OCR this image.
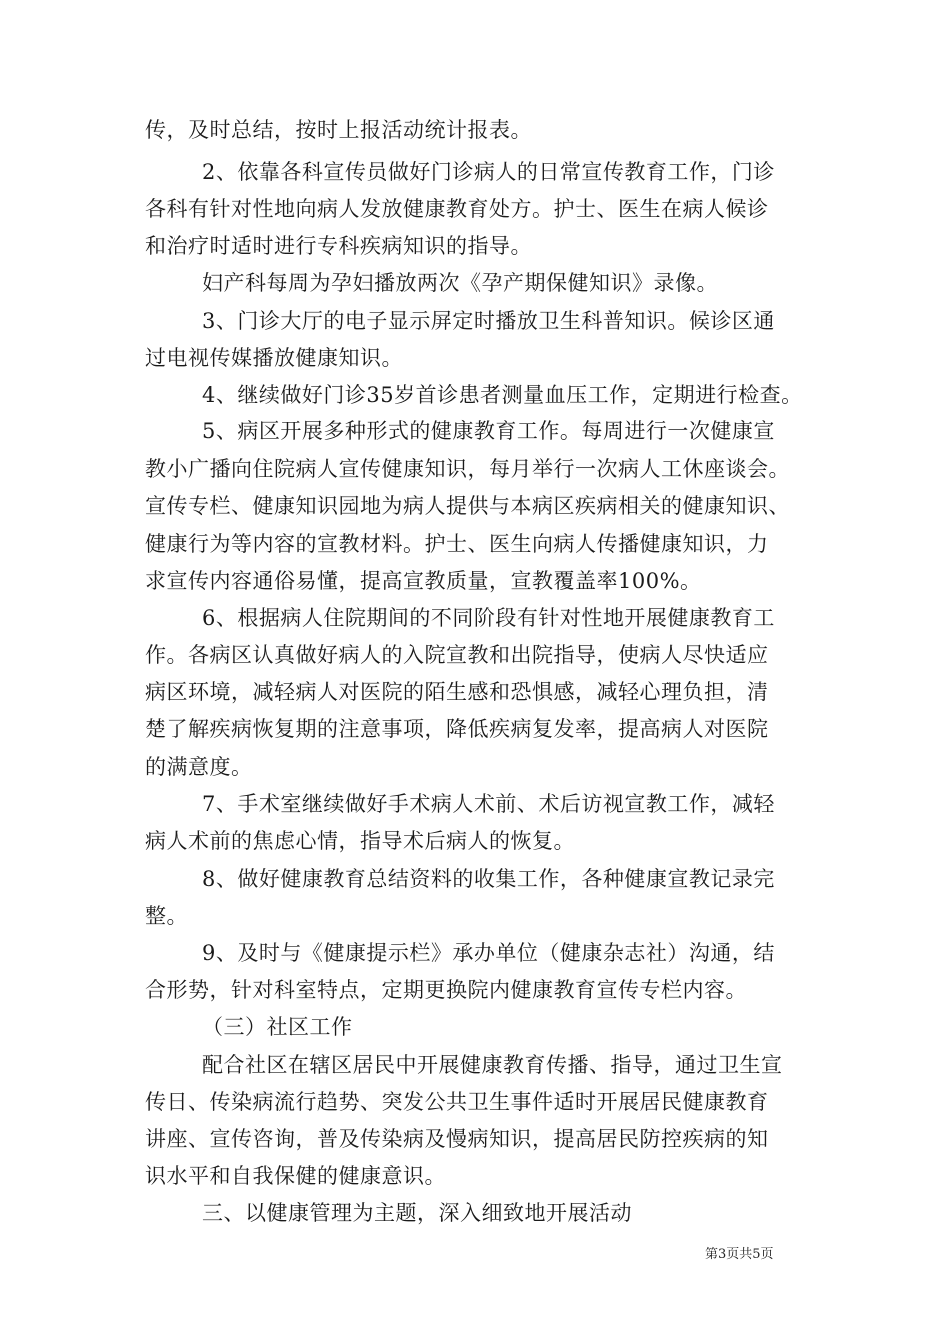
传，及时总结，按时上报活动统计报表。
2、依靠各科宣传员做好门诊病人的日常宣传教育工作，门诊
各科有针对性地向病人发放健康教育处方。护士、医生在病人候诊
和治疗时适时进行专科疾病知识的指导。
妇产科每周为孕妇播放两次《孕产期保健知识》录像。
3、门诊大厅的电子显示屏定时播放卫生科普知识。候诊区通
过电视传媒播放健康知识。
4、继续做好门诊35岁首诊患者测量血压工作，定期进行检查。
5、病区开展多种形式的健康教育工作。每周进行一次健康宣
教小广播向住院病人宣传健康知识，每月举行一次病人工休座谈会。
宣传专栏、健康知识园地为病人提供与本病区疾病相关的健康知识、
健康行为等内容的宣教材料。护士、医生向病人传播健康知识，力
求宣传内容通俗易懂，提高宣教质量，宣教覆盖率100%。
6、根据病人住院期间的不同阶段有针对性地开展健康教育工
作。各病区认真做好病人的入院宣教和出院指导，使病人尽快适应
病区环境，减轻病人对医院的陌生感和恐惧感，减轻心理负担，清
楚了解疾病恢复期的注意事项，降低疾病复发率，提高病人对医院
的满意度。
7、手术室继续做好手术病人术前、术后访视宣教工作，减轻
病人术前的焦虑心情，指导术后病人的恢复。
8、做好健康教育总结资料的收集工作，各种健康宣教记录完
整。
9、及时与《健康提示栏》承办单位（健康杂志社）沟通，结
合形势，针对科室特点，定期更换院内健康教育宣传专栏内容。
（三）社区工作
配合社区在辖区居民中开展健康教育传播、指导，通过卫生宣
传日、传染病流行趋势、突发公共卫生事件适时开展居民健康教育
讲座、宣传咨询，普及传染病及慢病知识，提高居民防控疾病的知
识水平和自我保健的健康意识。
三、以健康管理为主题，深入细致地开展活动
第3页共5页
